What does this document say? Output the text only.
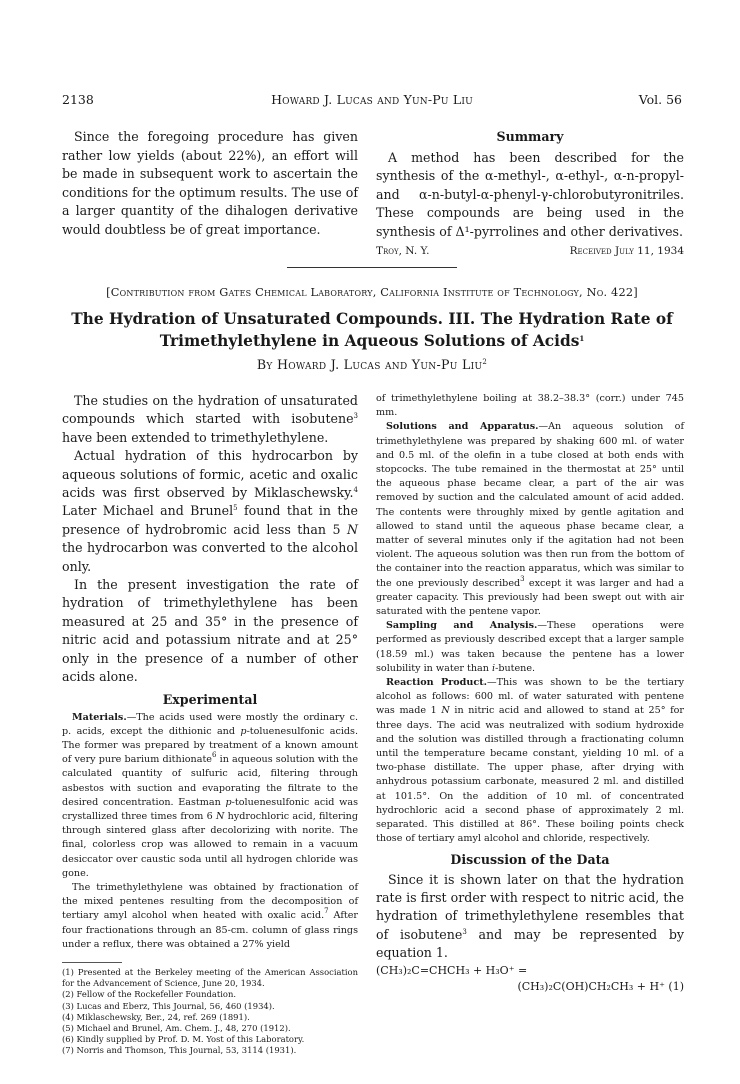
2138	Howard J. Lucas and Yun-Pu Liu	Vol. 56

Since the foregoing procedure has given rather low yields (about 22%), an effort will be made in subsequent work to ascertain the conditions for the optimum results. The use of a larger quantity of the dihalogen derivative would doubtless be of great importance.

Summary

A method has been described for the synthesis of the α-methyl-, α-ethyl-, α-n-propyl- and α-n-butyl-α-phenyl-γ-chlorobutyronitriles. These compounds are being used in the synthesis of Δ¹-pyrrolines and other derivatives.

Troy, N. Y.	Received July 11, 1934
[Contribution from Gates Chemical Laboratory, California Institute of Technology, No. 422]
The Hydration of Unsaturated Compounds. III. The Hydration Rate of Trimethylethylene in Aqueous Solutions of Acids$^1$
By Howard J. Lucas and Yun-Pu Liu$^2$

The studies on the hydration of unsaturated compounds which started with isobutene$^3$ have been extended to trimethylethylene.

Actual hydration of this hydrocarbon by aqueous solutions of formic, acetic and oxalic acids was first observed by Miklaschewsky.$^4$ Later Michael and Brunel$^5$ found that in the presence of hydrobromic acid less than 5 N the hydrocarbon was converted to the alcohol only.

In the present investigation the rate of hydration of trimethylethylene has been measured at 25 and 35° in the presence of nitric acid and potassium nitrate and at 25° only in the presence of a number of other acids alone.

Experimental

Materials.—The acids used were mostly the ordinary c. p. acids, except the dithionic and p-toluenesulfonic acids. The former was prepared by treatment of a known amount of very pure barium dithionate$^6$ in aqueous solution with the calculated quantity of sulfuric acid, filtering through asbestos with suction and evaporating the filtrate to the desired concentration. Eastman p-toluenesulfonic acid was crystallized three times from 6 N hydrochloric acid, filtering through sintered glass after decolorizing with norite. The final, colorless crop was allowed to remain in a vacuum desiccator over caustic soda until all hydrogen chloride was gone.

The trimethylethylene was obtained by fractionation of the mixed pentenes resulting from the decomposition of tertiary amyl alcohol when heated with oxalic acid.$^7$ After four fractionations through an 85-cm. column of glass rings under a reflux, there was obtained a 27% yield

(1) Presented at the Berkeley meeting of the American Association for the Advancement of Science, June 20, 1934.

(2) Fellow of the Rockefeller Foundation.

(3) Lucas and Eberz, This Journal, 56, 460 (1934).

(4) Miklaschewsky, Ber., 24, ref. 269 (1891).

(5) Michael and Brunel, Am. Chem. J., 48, 270 (1912).

(6) Kindly supplied by Prof. D. M. Yost of this Laboratory.

(7) Norris and Thomson, This Journal, 53, 3114 (1931).

of trimethylethylene boiling at 38.2–38.3° (corr.) under 745 mm.

Solutions and Apparatus.—An aqueous solution of trimethylethylene was prepared by shaking 600 ml. of water and 0.5 ml. of the olefin in a tube closed at both ends with stopcocks. The tube remained in the thermostat at 25° until the aqueous phase became clear, a part of the air was removed by suction and the calculated amount of acid added. The contents were throughly mixed by gentle agitation and allowed to stand until the aqueous phase became clear, a matter of several minutes only if the agitation had not been violent. The aqueous solution was then run from the bottom of the container into the reaction apparatus, which was similar to the one previously described$^3$ except it was larger and had a greater capacity. This previously had been swept out with air saturated with the pentene vapor.

Sampling and Analysis.—These operations were performed as previously described except that a larger sample (18.59 ml.) was taken because the pentene has a lower solubility in water than i-butene.

Reaction Product.—This was shown to be the tertiary alcohol as follows: 600 ml. of water saturated with pentene was made 1 N in nitric acid and allowed to stand at 25° for three days. The acid was neutralized with sodium hydroxide and the solution was distilled through a fractionating column until the temperature became constant, yielding 10 ml. of a two-phase distillate. The upper phase, after drying with anhydrous potassium carbonate, measured 2 ml. and distilled at 101.5°. On the addition of 10 ml. of concentrated hydrochloric acid a second phase of approximately 2 ml. separated. This distilled at 86°. These boiling points check those of tertiary amyl alcohol and chloride, respectively.

Discussion of the Data

Since it is shown later on that the hydration rate is first order with respect to nitric acid, the hydration of trimethylethylene resembles that of isobutene$^3$ and may be represented by equation 1.

(CH₃)₂C=CHCH₃ + H₃O⁺ =

(CH₃)₂C(OH)CH₂CH₃ + H⁺ (1)
